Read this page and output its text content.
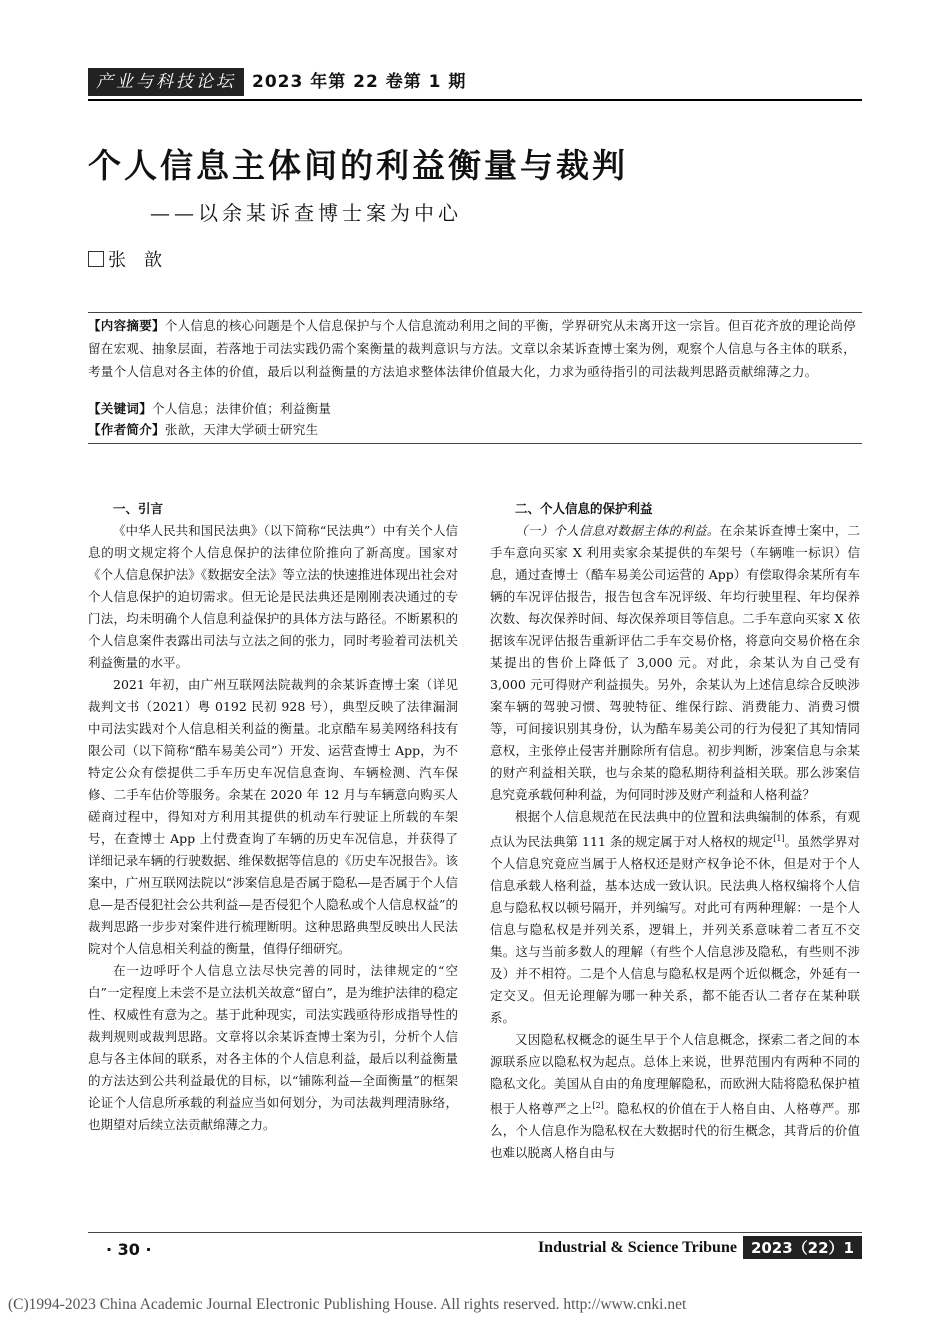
产业与科技论坛 2023 年第 22 卷第 1 期
个人信息主体间的利益衡量与裁判
——以余某诉查博士案为中心
张　歆
【内容摘要】个人信息的核心问题是个人信息保护与个人信息流动利用之间的平衡，学界研究从未离开这一宗旨。但百花齐放的理论尚停留在宏观、抽象层面，若落地于司法实践仍需个案衡量的裁判意识与方法。文章以余某诉查博士案为例，观察个人信息与各主体的联系，考量个人信息对各主体的价值，最后以利益衡量的方法追求整体法律价值最大化，力求为亟待指引的司法裁判思路贡献绵薄之力。
【关键词】个人信息；法律价值；利益衡量
【作者简介】张歆，天津大学硕士研究生
一、引言

《中华人民共和国民法典》（以下简称“民法典”）中有关个人信息的明文规定将个人信息保护的法律位阶推向了新高度。国家对《个人信息保护法》《数据安全法》等立法的快速推进体现出社会对个人信息保护的迫切需求。但无论是民法典还是刚刚表决通过的专门法，均未明确个人信息利益保护的具体方法与路径。不断累积的个人信息案件表露出司法与立法之间的张力，同时考验着司法机关利益衡量的水平。

2021 年初，由广州互联网法院裁判的余某诉查博士案（详见裁判文书（2021）粤 0192 民初 928 号），典型反映了法律漏洞中司法实践对个人信息相关利益的衡量。北京酷车易美网络科技有限公司（以下简称“酷车易美公司”）开发、运营查博士 App，为不特定公众有偿提供二手车历史车况信息查询、车辆检测、汽车保修、二手车估价等服务。余某在 2020 年 12 月与车辆意向购买人磋商过程中，得知对方利用其提供的机动车行驶证上所载的车架号，在查博士 App 上付费查询了车辆的历史车况信息，并获得了详细记录车辆的行驶数据、维保数据等信息的《历史车况报告》。该案中，广州互联网法院以“涉案信息是否属于隐私—是否属于个人信息—是否侵犯社会公共利益—是否侵犯个人隐私或个人信息权益”的裁判思路一步步对案件进行梳理断明。这种思路典型反映出人民法院对个人信息相关利益的衡量，值得仔细研究。

在一边呼吁个人信息立法尽快完善的同时，法律规定的“空白”一定程度上未尝不是立法机关故意“留白”，是为维护法律的稳定性、权威性有意为之。基于此种现实，司法实践亟待形成指导性的裁判规则或裁判思路。文章将以余某诉查博士案为引，分析个人信息与各主体间的联系，对各主体的个人信息利益，最后以利益衡量的方法达到公共利益最优的目标，以“铺陈利益—全面衡量”的框架论证个人信息所承载的利益应当如何划分，为司法裁判理清脉络，也期望对后续立法贡献绵薄之力。

二、个人信息的保护利益

（一）个人信息对数据主体的利益。在余某诉查博士案中，二手车意向买家 X 利用卖家余某提供的车架号（车辆唯一标识）信息，通过查博士（酷车易美公司运营的 App）有偿取得余某所有车辆的车况评估报告，报告包含车况评级、年均行驶里程、年均保养次数、每次保养时间、每次保养项目等信息。二手车意向买家 X 依据该车况评估报告重新评估二手车交易价格，将意向交易价格在余某提出的售价上降低了 3,000 元。对此，余某认为自己受有 3,000 元可得财产利益损失。另外，余某认为上述信息综合反映涉案车辆的驾驶习惯、驾驶特征、维保行踪、消费能力、消费习惯等，可间接识别其身份，认为酷车易美公司的行为侵犯了其知情同意权，主张停止侵害并删除所有信息。初步判断，涉案信息与余某的财产利益相关联，也与余某的隐私期待利益相关联。那么涉案信息究竟承载何种利益，为何同时涉及财产利益和人格利益？

根据个人信息规范在民法典中的位置和法典编制的体系，有观点认为民法典第 111 条的规定属于对人格权的规定[1]。虽然学界对个人信息究竟应当属于人格权还是财产权争论不休，但是对于个人信息承载人格利益，基本达成一致认识。民法典人格权编将个人信息与隐私权以顿号隔开，并列编写。对此可有两种理解：一是个人信息与隐私权是并列关系，逻辑上，并列关系意味着二者互不交集。这与当前多数人的理解（有些个人信息涉及隐私，有些则不涉及）并不相符。二是个人信息与隐私权是两个近似概念，外延有一定交叉。但无论理解为哪一种关系，都不能否认二者存在某种联系。

又因隐私权概念的诞生早于个人信息概念，探索二者之间的本源联系应以隐私权为起点。总体上来说，世界范围内有两种不同的隐私文化。美国从自由的角度理解隐私，而欧洲大陆将隐私保护植根于人格尊严之上[2]。隐私权的价值在于人格自由、人格尊严。那么，个人信息作为隐私权在大数据时代的衍生概念，其背后的价值也难以脱离人格自由与

· 30 ·	Industrial & Science Tribune 2023（22）1
(C)1994-2023 China Academic Journal Electronic Publishing House. All rights reserved. http://www.cnki.net
